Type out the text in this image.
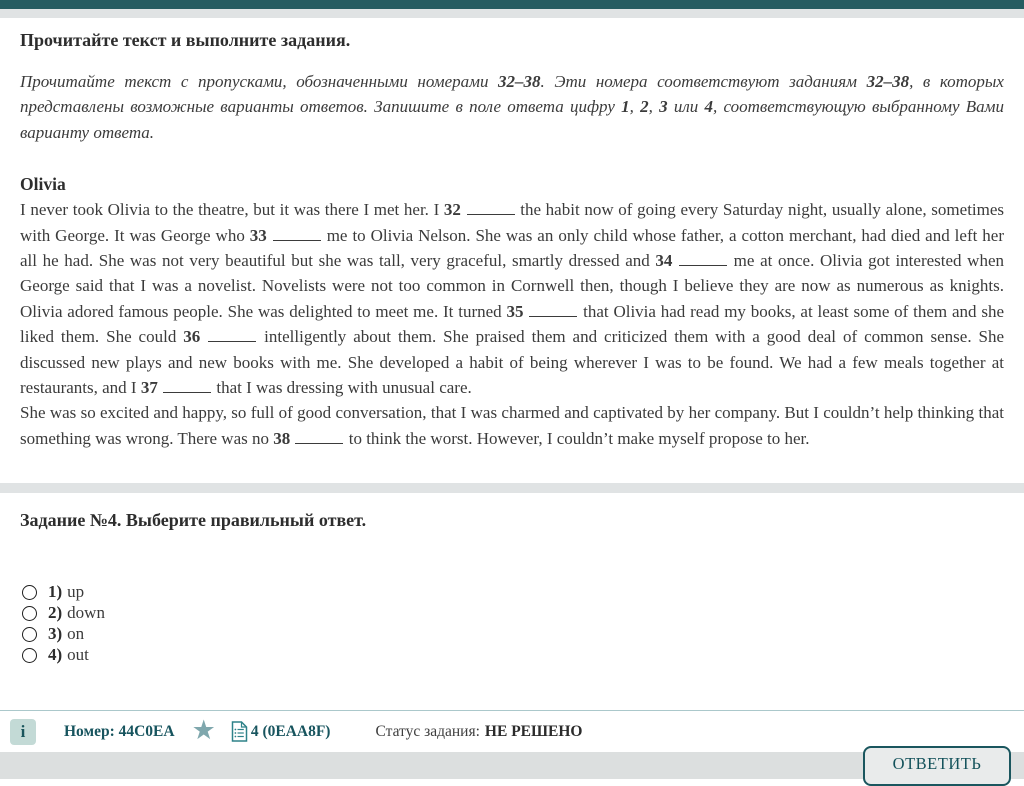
Прочитайте текст и выполните задания.
Прочитайте текст с пропусками, обозначенными номерами 32–38. Эти номера соответствуют заданиям 32–38, в которых представлены возможные варианты ответов. Запишите в поле ответа цифру 1, 2, 3 или 4, соответствующую выбранному Вами варианту ответа.
Olivia

I never took Olivia to the theatre, but it was there I met her. I 32	the habit now of going every Saturday night, usually alone, sometimes with George. It was George who 33	me to Olivia Nelson. She was an only child whose father, a cotton merchant, had died and left her all he had. She was not very beautiful but she was tall, very graceful, smartly dressed and 34	me at once. Olivia got interested when George said that I was a novelist. Novelists were not too common in Cornwell then, though I believe they are now as numerous as knights. Olivia adored famous people. She was delighted to meet me. It turned 35	that Olivia had read my books, at least some of them and she liked them. She could 36	intelligently about them. She praised them and criticized them with a good deal of common sense. She discussed new plays and new books with me. She developed a habit of being wherever I was to be found. We had a few meals together at restaurants, and I 37	that I was dressing with unusual care.

She was so excited and happy, so full of good conversation, that I was charmed and captivated by her company. But I couldn’t help thinking that something was wrong. There was no 38	to think the worst. However, I couldn’t make myself propose to her.

Задание №4. Выберите правильный ответ.
1) up
2) down
3) on
4) out
i	Номер: 44C0EA ★ 4 (0EAA8F)	Статус задания: НЕ РЕШЕНО
ОТВЕТИТЬ
